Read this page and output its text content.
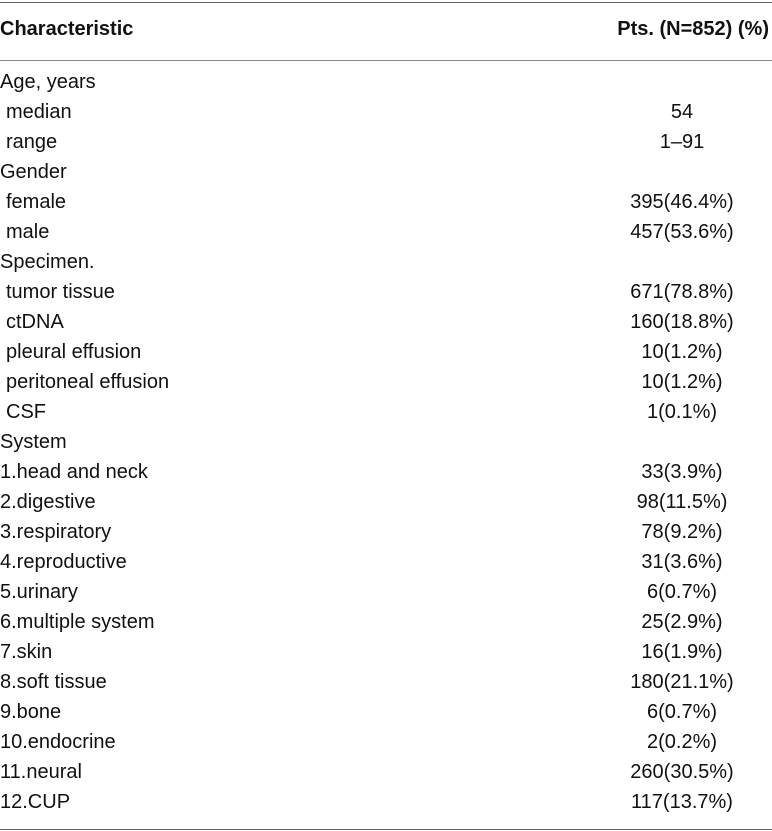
Characteristic	Pts. (N=852) (%)
Age, years
median	54
range	1–91
Gender
female	395(46.4%)
male	457(53.6%)
Specimen.
tumor tissue	671(78.8%)
ctDNA	160(18.8%)
pleural effusion	10(1.2%)
peritoneal effusion	10(1.2%)
CSF	1(0.1%)
System
1.head and neck	33(3.9%)
2.digestive	98(11.5%)
3.respiratory	78(9.2%)
4.reproductive	31(3.6%)
5.urinary	6(0.7%)
6.multiple system	25(2.9%)
7.skin	16(1.9%)
8.soft tissue	180(21.1%)
9.bone	6(0.7%)
10.endocrine	2(0.2%)
11.neural	260(30.5%)
12.CUP	117(13.7%)
